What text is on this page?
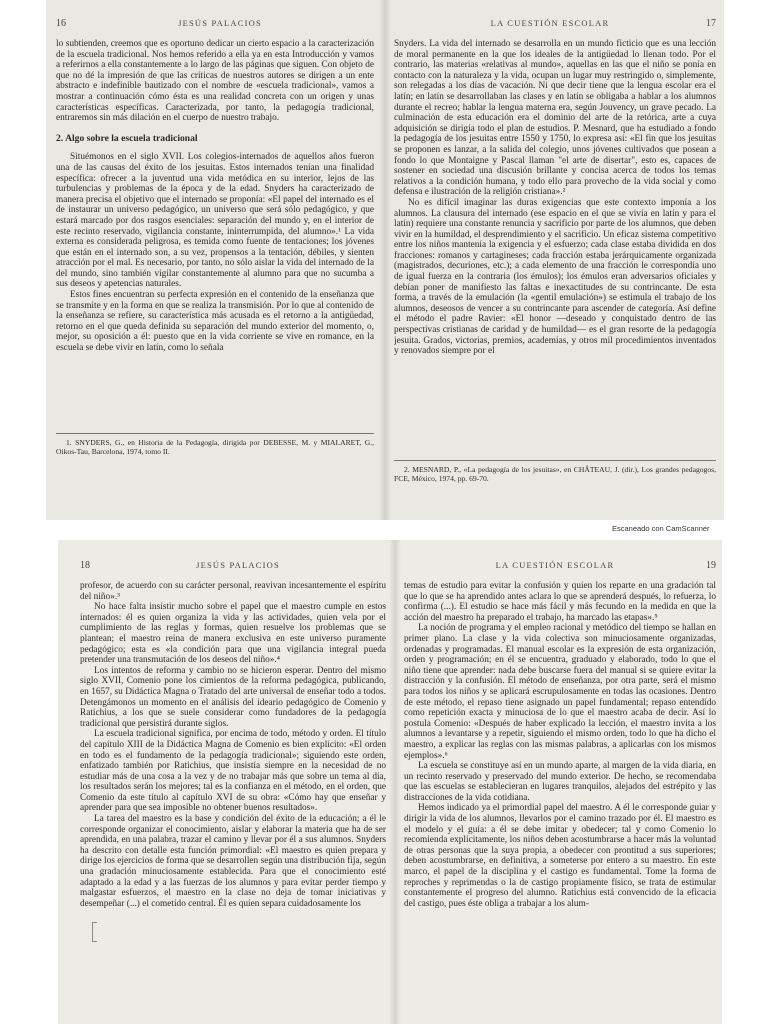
16	JESÚS PALACIOS

lo subtienden, creemos que es oportuno dedicar un cierto espacio a la caracterización de la escuela tradicional. Nos hemos referido a ella ya en esta Introducción y vamos a referirnos a ella constantemente a lo largo de las páginas que siguen. Con objeto de que no dé la impresión de que las críticas de nuestros autores se dirigen a un ente abstracto e indefinible bautizado con el nombre de «escuela tradicional», vamos a mostrar a continuación cómo ésta es una realidad concreta con un origen y unas características específicas. Caracterizada, por tanto, la pedagogía tradicional, entraremos sin más dilación en el cuerpo de nuestro trabajo.

2. Algo sobre la escuela tradicional

Situémonos en el siglo XVII. Los colegios-internados de aquellos años fueron una de las causas del éxito de los jesuitas. Estos internados tenían una finalidad específica: ofrecer a la juventud una vida metódica en su interior, lejos de las turbulencias y problemas de la época y de la edad. Snyders ha caracterizado de manera precisa el objetivo que el internado se proponía: «El papel del internado es el de instaurar un universo pedagógico, un universo que será sólo pedagógico, y que estará marcado por dos rasgos esenciales: separación del mundo y, en el interior de este recinto reservado, vigilancia constante, ininterrumpida, del alumno».¹ La vida externa es considerada peligrosa, es temida como fuente de tentaciones; los jóvenes que están en el internado son, a su vez, propensos a la tentación, débiles, y sienten atracción por el mal. Es necesario, por tanto, no sólo aislar la vida del internado de la del mundo, sino también vigilar constantemente al alumno para que no sucumba a sus deseos y apetencias naturales.

Estos fines encuentran su perfecta expresión en el contenido de la enseñanza que se transmite y en la forma en que se realiza la transmisión. Por lo que al contenido de la enseñanza se refiere, su característica más acusada es el retorno a la antigüedad, retorno en el que queda definida su separación del mundo exterior del momento, o, mejor, su oposición a él: puesto que en la vida corriente se vive en romance, en la escuela se debe vivir en latín, como lo señala

1. SNYDERS, G., en Historia de la Pedagogía, dirigida por DEBESSE, M. y MIALARET, G., Oikos-Tau, Barcelona, 1974, tomo II.

LA CUESTIÓN ESCOLAR	17

Snyders. La vida del internado se desarrolla en un mundo ficticio que es una lección de moral permanente en la que los ideales de la antigüedad lo llenan todo. Por el contrario, las materias «relativas al mundo», aquellas en las que el niño se ponía en contacto con la naturaleza y la vida, ocupan un lugar muy restringido o, simplemente, son relegadas a los días de vacación. Ni que decir tiene que la lengua escolar era el latín; en latín se desarrollaban las clases y en latín se obligaba a hablar a los alumnos durante el recreo; hablar la lengua materna era, según Jouvency, un grave pecado. La culminación de esta educación era el dominio del arte de la retórica, arte a cuya adquisición se dirigía todo el plan de estudios. P. Mesnard, que ha estudiado a fondo la pedagogía de los jesuitas entre 1550 y 1750, lo expresa así: «El fin que los jesuitas se proponen es lanzar, a la salida del colegio, unos jóvenes cultivados que posean a fondo lo que Montaigne y Pascal llaman "el arte de disertar", esto es, capaces de sostener en sociedad una discusión brillante y concisa acerca de todos los temas relativos a la condición humana, y todo ello para provecho de la vida social y como defensa e ilustración de la religión cristiana».²

No es difícil imaginar las duras exigencias que este contexto imponía a los alumnos. La clausura del internado (ese espacio en el que se vivía en latín y para el latín) requiere una constante renuncia y sacrificio por parte de los alumnos, que deben vivir en la humildad, el desprendimiento y el sacrificio. Un eficaz sistema competitivo entre los niños mantenía la exigencia y el esfuerzo; cada clase estaba dividida en dos fracciones: romanos y cartagineses; cada fracción estaba jerárquicamente organizada (magistrados, decuriones, etc.); a cada elemento de una fracción le correspondía uno de igual fuerza en la contraria (los émulos); los émulos eran adversarios oficiales y debían poner de manifiesto las faltas e inexactitudes de su contrincante. De esta forma, a través de la emulación (la «gentil emulación») se estimula el trabajo de los alumnos, deseosos de vencer a su contrincante para ascender de categoría. Así define el método el padre Ravier: «El honor —deseado y conquistado dentro de las perspectivas cristianas de caridad y de humildad— es el gran resorte de la pedagogía jesuita. Grados, victorias, premios, academias, y otros mil procedimientos inventados y renovados siempre por el

2. MESNARD, P., «La pedagogía de los jesuitas», en CHÂTEAU, J. (dir.), Los grandes pedagogos, FCE, México, 1974, pp. 69-70.

Escaneado con CamScanner
18	JESÚS PALACIOS

profesor, de acuerdo con su carácter personal, reavivan incesantemente el espíritu del niño».³

No hace falta insistir mucho sobre el papel que el maestro cumple en estos internados: él es quien organiza la vida y las actividades, quien vela por el cumplimiento de las reglas y formas, quien resuelve los problemas que se plantean; el maestro reina de manera exclusiva en este universo puramente pedagógico; esta es «la condición para que una vigilancia integral pueda pretender una transmutación de los deseos del niño».⁴

Los intentos de reforma y cambio no se hicieron esperar. Dentro del mismo siglo XVII, Comenio pone los cimientos de la reforma pedagógica, publicando, en 1657, su Didáctica Magna o Tratado del arte universal de enseñar todo a todos. Detengámonos un momento en el análisis del ideario pedagógico de Comenio y Ratichius, a los que se suele considerar como fundadores de la pedagogía tradicional que persistirá durante siglos.

La escuela tradicional significa, por encima de todo, método y orden. El título del capítulo XIII de la Didáctica Magna de Comenio es bien explícito: «El orden en todo es el fundamento de la pedagogía tradicional»; siguiendo este orden, enfatizado también por Ratichius, que insistía siempre en la necesidad de no estudiar más de una cosa a la vez y de no trabajar más que sobre un tema al día, los resultados serán los mejores; tal es la confianza en el método, en el orden, que Comenio da este título al capítulo XVI de su obra: «Cómo hay que enseñar y aprender para que sea imposible no obtener buenos resultados».

La tarea del maestro es la base y condición del éxito de la educación; a él le corresponde organizar el conocimiento, aislar y elaborar la materia que ha de ser aprendida, en una palabra, trazar el camino y llevar por él a sus alumnos. Snyders ha descrito con detalle esta función primordial: «El maestro es quien prepara y dirige los ejercicios de forma que se desarrollen según una distribución fija, según una gradación minuciosamente establecida. Para que el conocimiento esté adaptado a la edad y a las fuerzas de los alumnos y para evitar perder tiempo y malgastar esfuerzos, el maestro en la clase no deja de tomar iniciativas y desempeñar (...) el cometido central. Él es quien separa cuidadosamente los

LA CUESTIÓN ESCOLAR	19

temas de estudio para evitar la confusión y quien los reparte en una gradación tal que lo que se ha aprendido antes aclara lo que se aprenderá después, lo refuerza, lo confirma (...). El estudio se hace más fácil y más fecundo en la medida en que la acción del maestro ha preparado el trabajo, ha marcado las etapas».⁵

La noción de programa y el empleo racional y metódico del tiempo se hallan en primer plano. La clase y la vida colectiva son minuciosamente organizadas, ordenadas y programadas. El manual escolar es la expresión de esta organización, orden y programación; en él se encuentra, graduado y elaborado, todo lo que el niño tiene que aprender: nada debe buscarse fuera del manual si se quiere evitar la distracción y la confusión. El método de enseñanza, por otra parte, será el mismo para todos los niños y se aplicará escrupulosamente en todas las ocasiones. Dentro de este método, el repaso tiene asignado un papel fundamental; repaso entendido como repetición exacta y minuciosa de lo que el maestro acaba de decir. Así lo postula Comenio: «Después de haber explicado la lección, el maestro invita a los alumnos a levantarse y a repetir, siguiendo el mismo orden, todo lo que ha dicho el maestro, a explicar las reglas con las mismas palabras, a aplicarlas con los mismos ejemplos».⁶

La escuela se constituye así en un mundo aparte, al margen de la vida diaria, en un recinto reservado y preservado del mundo exterior. De hecho, se recomendaba que las escuelas se establecieran en lugares tranquilos, alejados del estrépito y las distracciones de la vida cotidiana.

Hemos indicado ya el primordial papel del maestro. A él le corresponde guiar y dirigir la vida de los alumnos, llevarlos por el camino trazado por él. El maestro es el modelo y el guía: a él se debe imitar y obedecer; tal y como Comenio lo recomienda explícitamente, los niños deben acostumbrarse a hacer más la voluntad de otras personas que la suya propia, a obedecer con prontitud a sus superiores; deben acostumbrarse, en definitiva, a someterse por entero a su maestro. En este marco, el papel de la disciplina y el castigo es fundamental. Tome la forma de reproches y reprimendas o la de castigo propiamente físico, se trata de estimular constantemente el progreso del alumno. Ratichius está convencido de la eficacia del castigo, pues éste obliga a trabajar a los alum-
